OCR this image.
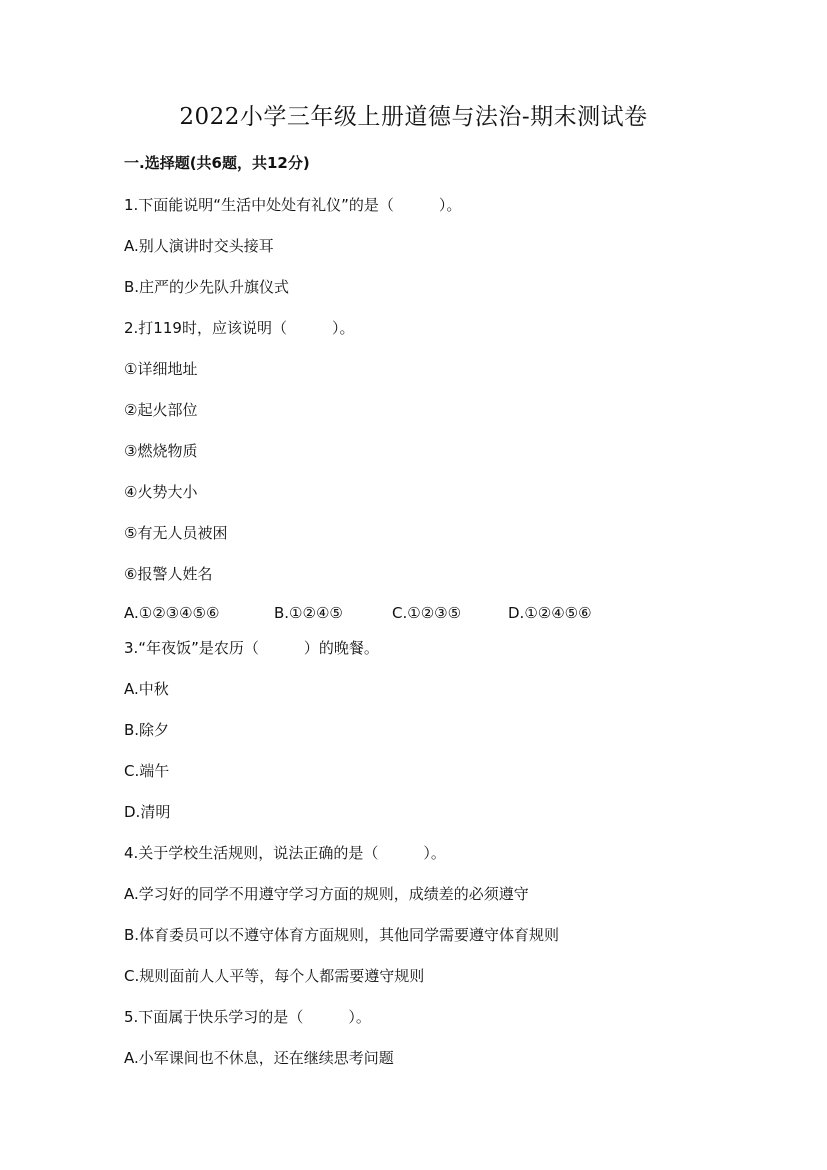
2022小学三年级上册道德与法治-期末测试卷
一.选择题(共6题，共12分)
1.下面能说明“生活中处处有礼仪”的是（　　　）。
A.别人演讲时交头接耳
B.庄严的少先队升旗仪式
2.打119时，应该说明（　　　）。
①详细地址
②起火部位
③燃烧物质
④火势大小
⑤有无人员被困
⑥报警人姓名
A.①②③④⑤⑥	B.①②④⑤	C.①②③⑤	D.①②④⑤⑥
3.“年夜饭”是农历（　　　）的晚餐。
A.中秋
B.除夕
C.端午
D.清明
4.关于学校生活规则，说法正确的是（　　　）。
A.学习好的同学不用遵守学习方面的规则，成绩差的必须遵守
B.体育委员可以不遵守体育方面规则，其他同学需要遵守体育规则
C.规则面前人人平等，每个人都需要遵守规则
5.下面属于快乐学习的是（　　　）。
A.小军课间也不休息，还在继续思考问题
